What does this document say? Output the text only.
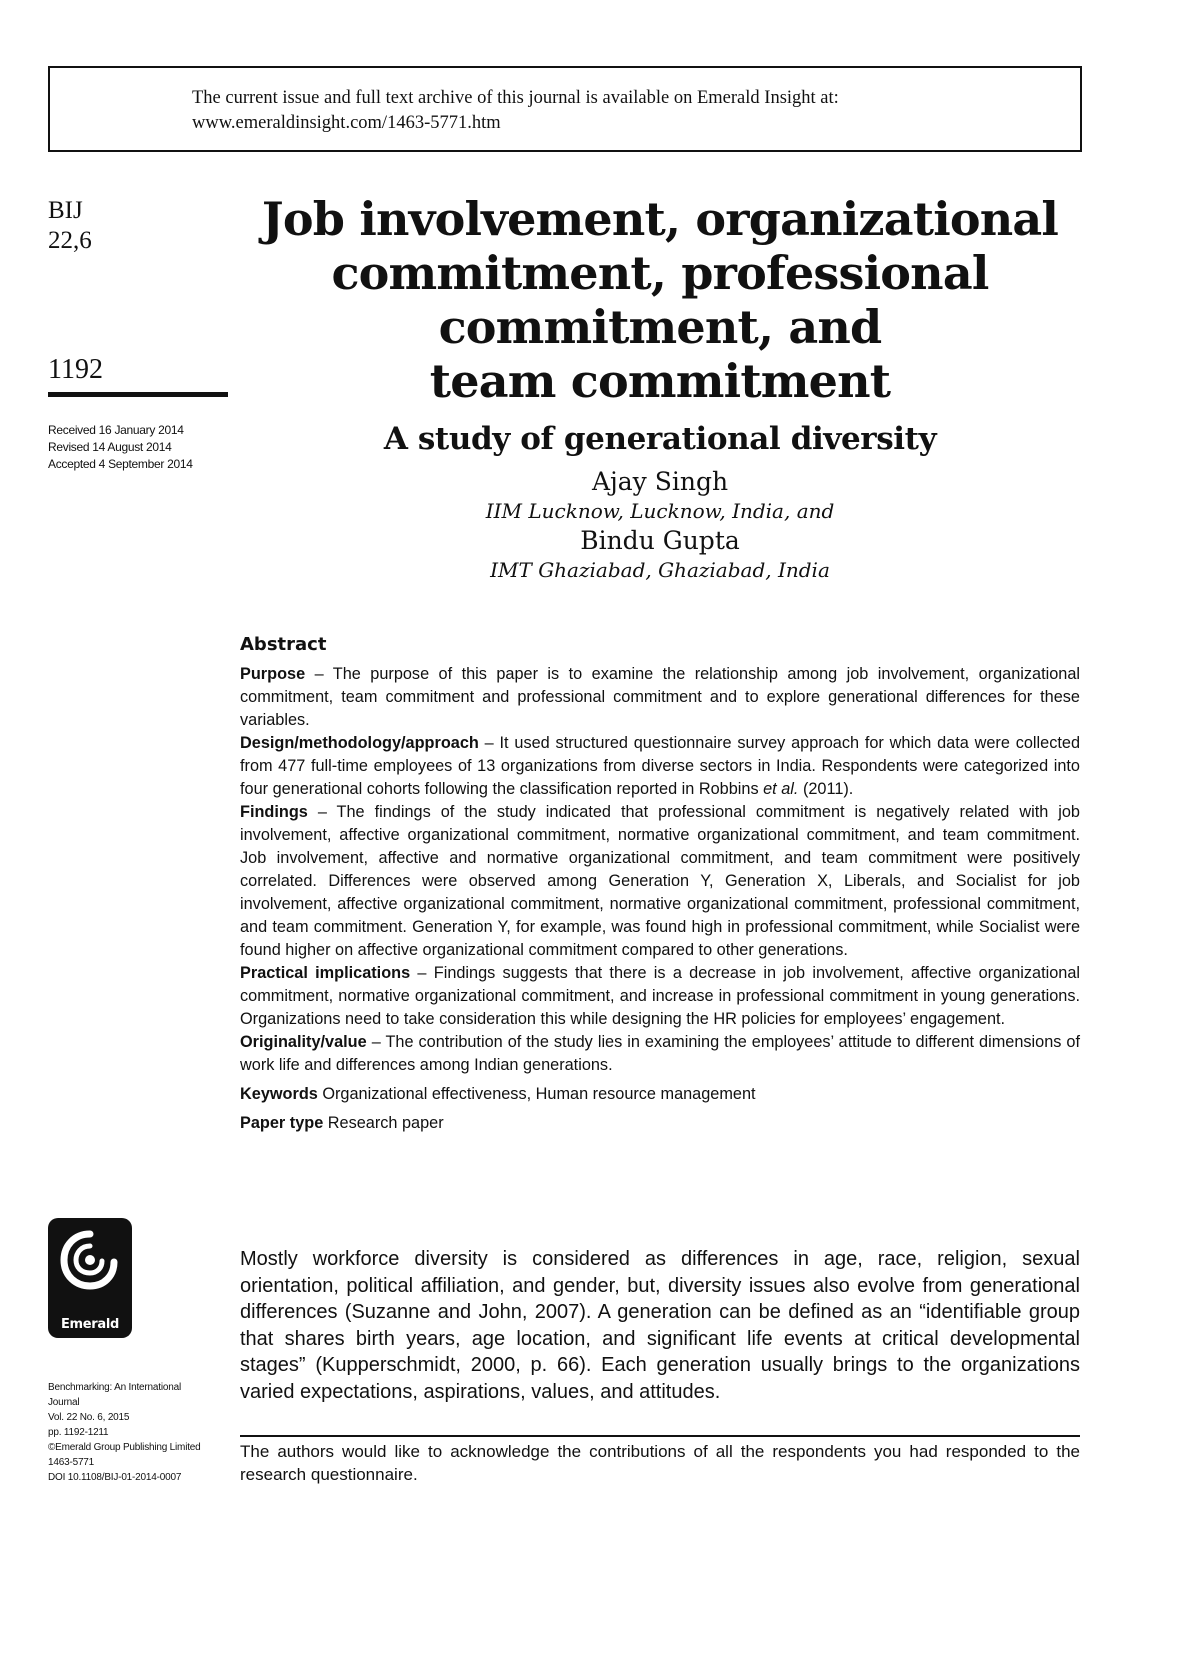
The current issue and full text archive of this journal is available on Emerald Insight at:
www.emeraldinsight.com/1463-5771.htm
BIJ
22,6
1192
Received 16 January 2014
Revised 14 August 2014
Accepted 4 September 2014
Job involvement, organizational
commitment, professional
commitment, and
team commitment
A study of generational diversity
Ajay Singh
IIM Lucknow, Lucknow, India, and
Bindu Gupta
IMT Ghaziabad, Ghaziabad, India
Abstract

Purpose – The purpose of this paper is to examine the relationship among job involvement, organizational commitment, team commitment and professional commitment and to explore generational differences for these variables.

Design/methodology/approach – It used structured questionnaire survey approach for which data were collected from 477 full-time employees of 13 organizations from diverse sectors in India. Respondents were categorized into four generational cohorts following the classification reported in Robbins et al. (2011).

Findings – The findings of the study indicated that professional commitment is negatively related with job involvement, affective organizational commitment, normative organizational commitment, and team commitment. Job involvement, affective and normative organizational commitment, and team commitment were positively correlated. Differences were observed among Generation Y, Generation X, Liberals, and Socialist for job involvement, affective organizational commitment, normative organizational commitment, professional commitment, and team commitment. Generation Y, for example, was found high in professional commitment, while Socialist were found higher on affective organizational commitment compared to other generations.

Practical implications – Findings suggests that there is a decrease in job involvement, affective organizational commitment, normative organizational commitment, and increase in professional commitment in young generations. Organizations need to take consideration this while designing the HR policies for employees’ engagement.

Originality/value – The contribution of the study lies in examining the employees’ attitude to different dimensions of work life and differences among Indian generations.

Keywords Organizational effectiveness, Human resource management

Paper type Research paper

Emerald
Benchmarking: An International
Journal
Vol. 22 No. 6, 2015
pp. 1192-1211
©Emerald Group Publishing Limited
1463-5771
DOI 10.1108/BIJ-01-2014-0007

Mostly workforce diversity is considered as differences in age, race, religion, sexual orientation, political affiliation, and gender, but, diversity issues also evolve from generational differences (Suzanne and John, 2007). A generation can be defined as an “identifiable group that shares birth years, age location, and significant life events at critical developmental stages” (Kupperschmidt, 2000, p. 66). Each generation usually brings to the organizations varied expectations, aspirations, values, and attitudes.

The authors would like to acknowledge the contributions of all the respondents you had responded to the research questionnaire.
